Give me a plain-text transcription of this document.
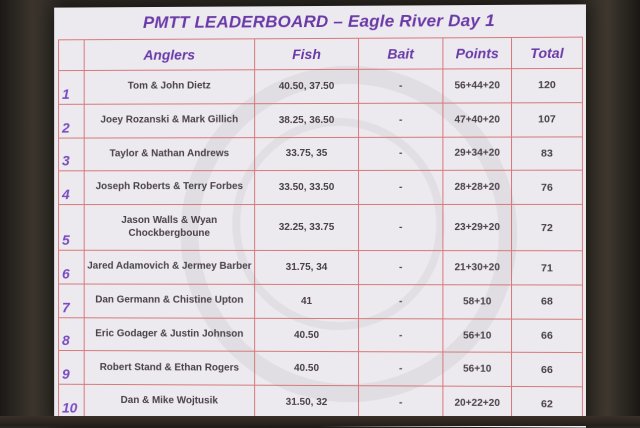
PMTT LEADERBOARD – Eagle River Day 1
	Anglers	Fish	Bait	Points	Total
1	Tom & John Dietz	40.50, 37.50	-	56+44+20	120
2	Joey Rozanski & Mark Gillich	38.25, 36.50	-	47+40+20	107
3	Taylor & Nathan Andrews	33.75, 35	-	29+34+20	83
4	Joseph Roberts & Terry Forbes	33.50, 33.50	-	28+28+20	76
5	Jason Walls & Wyan Chockbergboune	32.25, 33.75	-	23+29+20	72
6	Jared Adamovich & Jermey Barber	31.75, 34	-	21+30+20	71
7	Dan Germann & Chistine Upton	41	-	58+10	68
8	Eric Godager & Justin Johnson	40.50	-	56+10	66
9	Robert Stand & Ethan Rogers	40.50	-	56+10	66
10	Dan & Mike Wojtusik	31.50, 32	-	20+22+20	62
